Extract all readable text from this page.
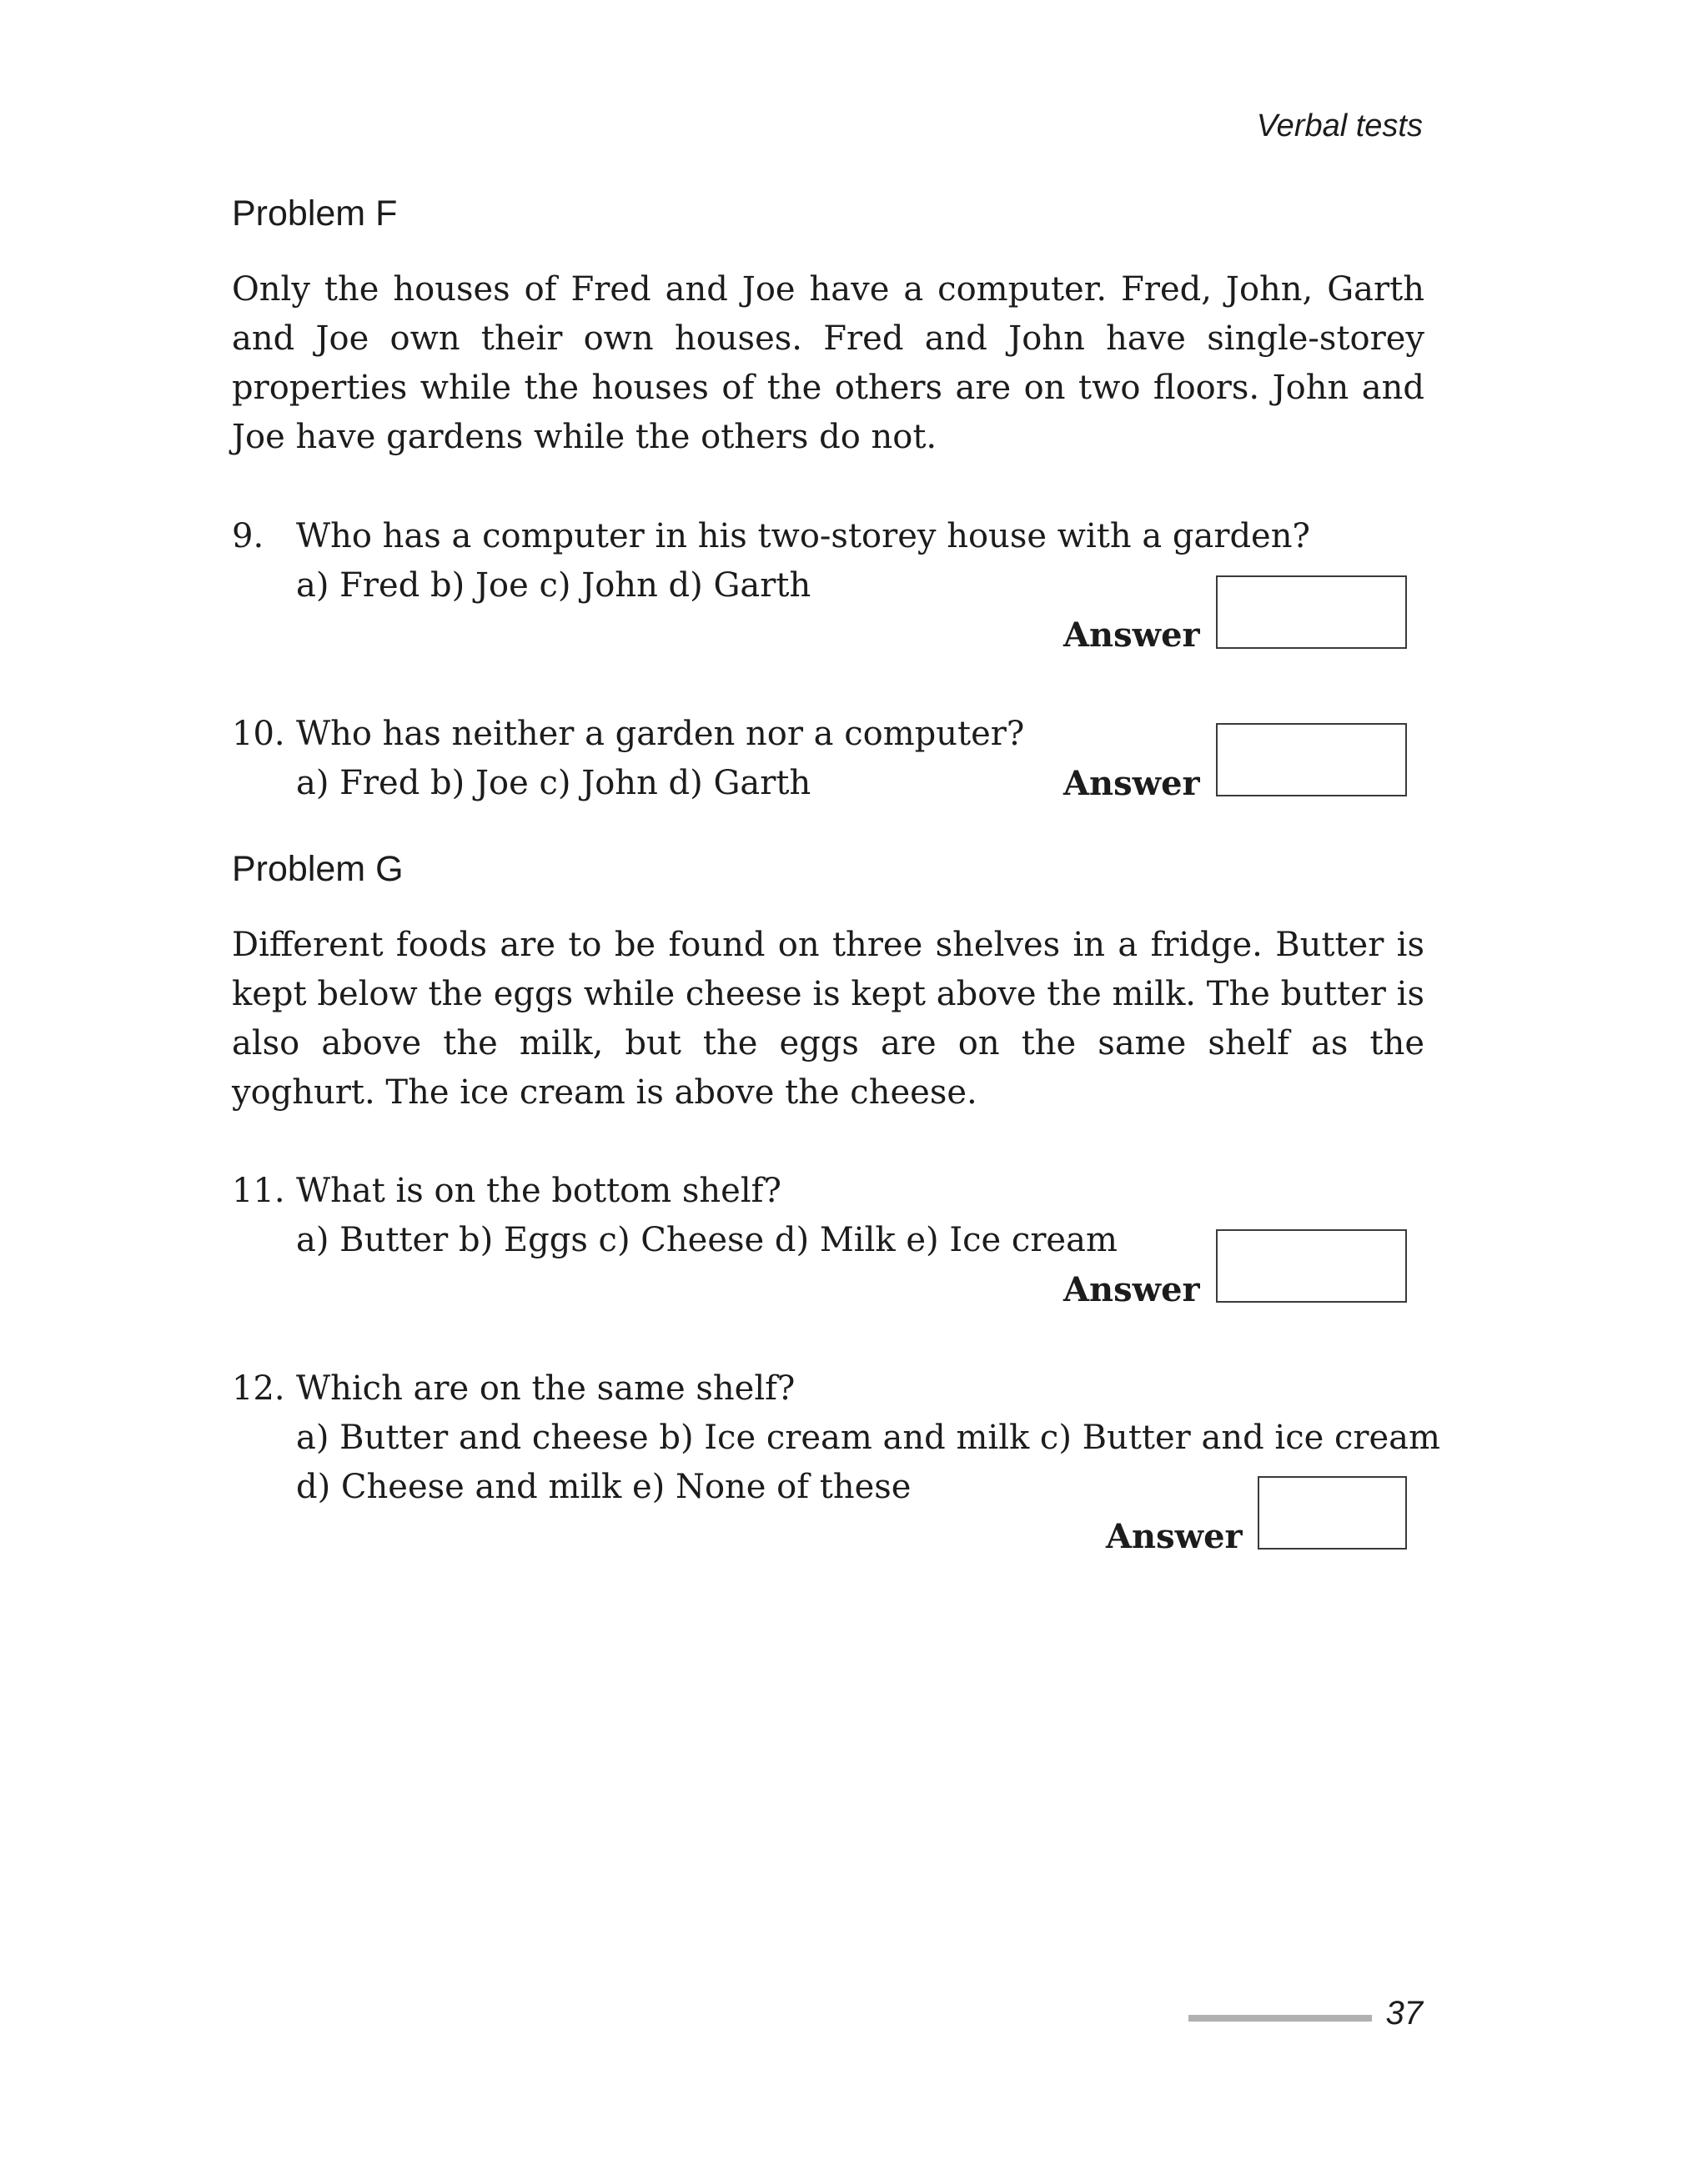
Verbal tests
Problem F
Only the houses of Fred and Joe have a computer. Fred, John, Garth and Joe own their own houses. Fred and John have single-storey properties while the houses of the others are on two floors. John and Joe have gardens while the others do not.
9. Who has a computer in his two-storey house with a garden?
a) Fred b) Joe c) John d) Garth
Answer
10. Who has neither a garden nor a computer?
a) Fred b) Joe c) John d) Garth	Answer
Problem G
Different foods are to be found on three shelves in a fridge. Butter is kept below the eggs while cheese is kept above the milk. The butter is also above the milk, but the eggs are on the same shelf as the yoghurt. The ice cream is above the cheese.
11. What is on the bottom shelf?
a) Butter b) Eggs c) Cheese d) Milk e) Ice cream
Answer
12. Which are on the same shelf?
a) Butter and cheese b) Ice cream and milk c) Butter and ice cream
d) Cheese and milk e) None of these
Answer
37
